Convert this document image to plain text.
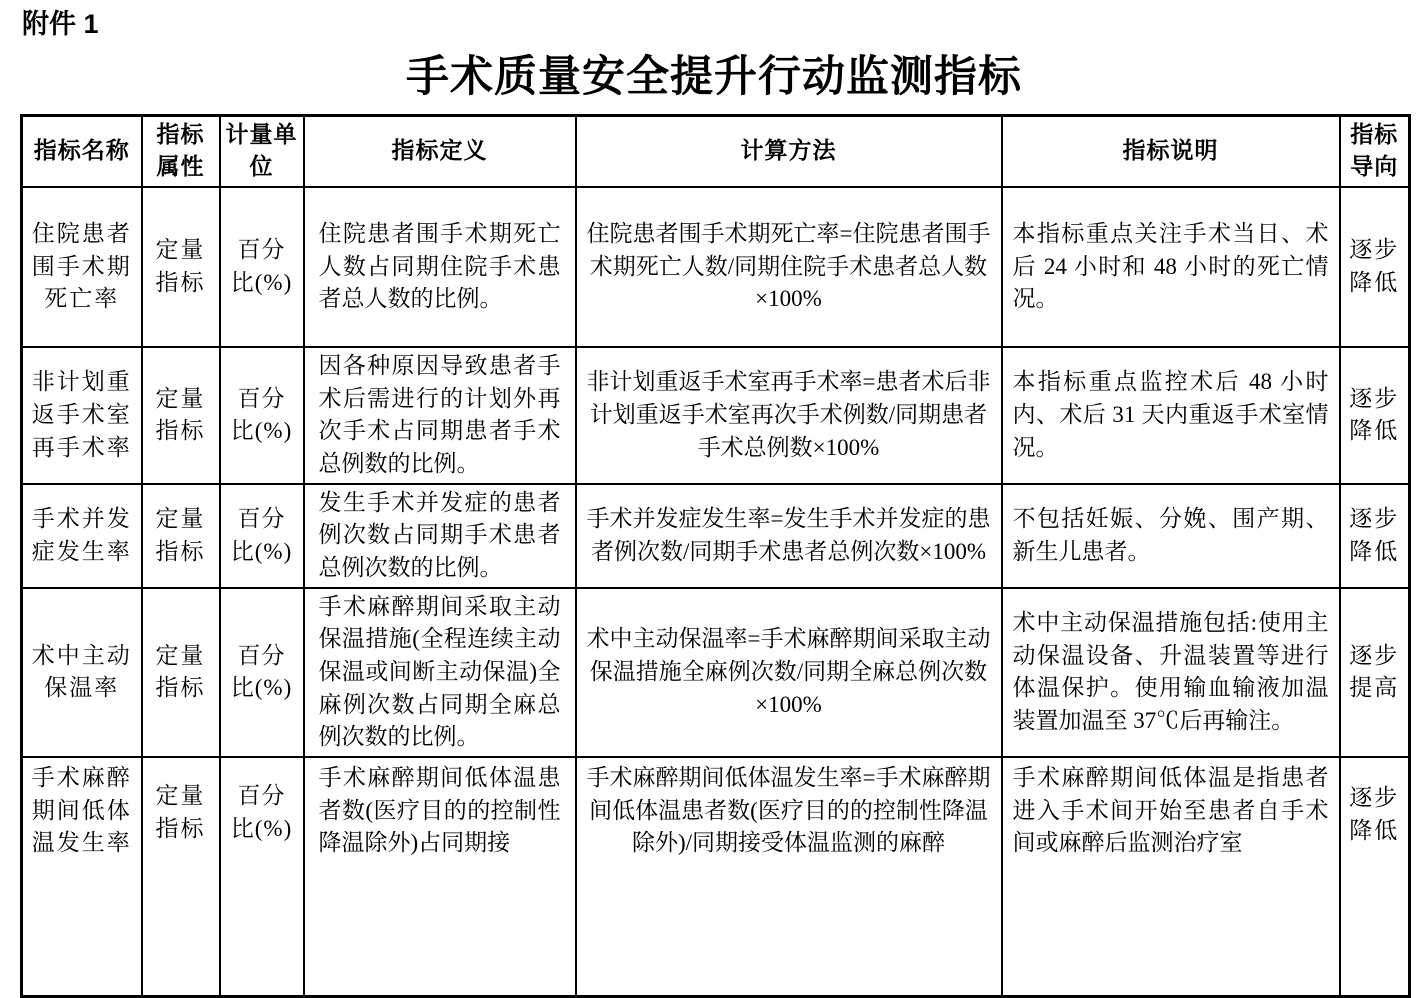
附件 1
手术质量安全提升行动监测指标
指标名称	指标属性	计量单位	指标定义	计算方法	指标说明	指标导向
住院患者围手术期死亡率	定量指标	百分比(%)	住院患者围手术期死亡人数占同期住院手术患者总人数的比例。	住院患者围手术期死亡率=住院患者围手术期死亡人数/同期住院手术患者总人数×100%	本指标重点关注手术当日、术后 24 小时和 48 小时的死亡情况。	逐步降低
非计划重返手术室再手术率	定量指标	百分比(%)	因各种原因导致患者手术后需进行的计划外再次手术占同期患者手术总例数的比例。	非计划重返手术室再手术率=患者术后非计划重返手术室再次手术例数/同期患者手术总例数×100%	本指标重点监控术后 48 小时内、术后 31 天内重返手术室情况。	逐步降低
手术并发症发生率	定量指标	百分比(%)	发生手术并发症的患者例次数占同期手术患者总例次数的比例。	手术并发症发生率=发生手术并发症的患者例次数/同期手术患者总例次数×100%	不包括妊娠、分娩、围产期、新生儿患者。	逐步降低
术中主动保温率	定量指标	百分比(%)	手术麻醉期间采取主动保温措施(全程连续主动保温或间断主动保温)全麻例次数占同期全麻总例次数的比例。	术中主动保温率=手术麻醉期间采取主动保温措施全麻例次数/同期全麻总例次数×100%	术中主动保温措施包括:使用主动保温设备、升温装置等进行体温保护。使用输血输液加温装置加温至 37℃后再输注。	逐步提高
手术麻醉期间低体温发生率	定量指标	百分比(%)	手术麻醉期间低体温患者数(医疗目的的控制性降温除外)占同期接	手术麻醉期间低体温发生率=手术麻醉期间低体温患者数(医疗目的的控制性降温除外)/同期接受体温监测的麻醉	手术麻醉期间低体温是指患者进入手术间开始至患者自手术间或麻醉后监测治疗室	逐步降低
